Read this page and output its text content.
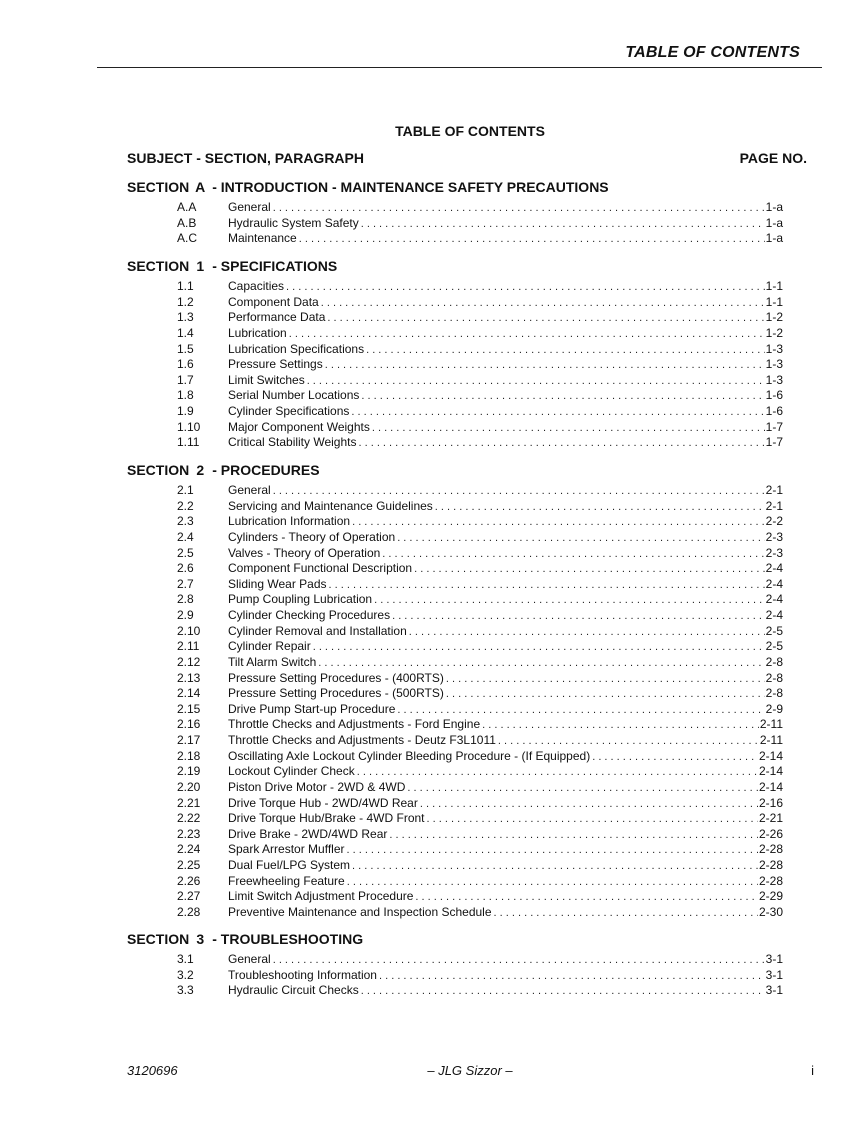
TABLE OF CONTENTS
TABLE OF CONTENTS
SUBJECT - SECTION, PARAGRAPH	PAGE NO.
SECTION A - INTRODUCTION - MAINTENANCE SAFETY PRECAUTIONS
A.A	General . . .	1-a
A.B	Hydraulic System Safety . . .	1-a
A.C	Maintenance . . .	1-a
SECTION 1 - SPECIFICATIONS
1.1	Capacities . . .	1-1
1.2	Component Data . . .	1-1
1.3	Performance Data . . .	1-2
1.4	Lubrication . . .	1-2
1.5	Lubrication Specifications . . .	1-3
1.6	Pressure Settings . . .	1-3
1.7	Limit Switches . . .	1-3
1.8	Serial Number Locations . . .	1-6
1.9	Cylinder Specifications . . .	1-6
1.10	Major Component Weights . . .	1-7
1.11	Critical Stability Weights . . .	1-7
SECTION 2 - PROCEDURES
2.1	General . . .	2-1
2.2	Servicing and Maintenance Guidelines . . .	2-1
2.3	Lubrication Information . . .	2-2
2.4	Cylinders - Theory of Operation . . .	2-3
2.5	Valves - Theory of Operation . . .	2-3
2.6	Component Functional Description . . .	2-4
2.7	Sliding Wear Pads . . .	2-4
2.8	Pump Coupling Lubrication . . .	2-4
2.9	Cylinder Checking Procedures . . .	2-4
2.10	Cylinder Removal and Installation . . .	2-5
2.11	Cylinder Repair . . .	2-5
2.12	Tilt Alarm Switch . . .	2-8
2.13	Pressure Setting Procedures - (400RTS) . . .	2-8
2.14	Pressure Setting Procedures - (500RTS) . . .	2-8
2.15	Drive Pump Start-up Procedure . . .	2-9
2.16	Throttle Checks and Adjustments - Ford Engine . . .	2-11
2.17	Throttle Checks and Adjustments - Deutz F3L1011 . . .	2-11
2.18	Oscillating Axle Lockout Cylinder Bleeding Procedure - (If Equipped) . . .	2-14
2.19	Lockout Cylinder Check . . .	2-14
2.20	Piston Drive Motor - 2WD & 4WD . . .	2-14
2.21	Drive Torque Hub - 2WD/4WD Rear . . .	2-16
2.22	Drive Torque Hub/Brake - 4WD Front . . .	2-21
2.23	Drive Brake - 2WD/4WD Rear . . .	2-26
2.24	Spark Arrestor Muffler . . .	2-28
2.25	Dual Fuel/LPG System . . .	2-28
2.26	Freewheeling Feature . . .	2-28
2.27	Limit Switch Adjustment Procedure . . .	2-29
2.28	Preventive Maintenance and Inspection Schedule . . .	2-30
SECTION 3 - TROUBLESHOOTING
3.1	General . . .	3-1
3.2	Troubleshooting Information . . .	3-1
3.3	Hydraulic Circuit Checks . . .	3-1
3120696	– JLG Sizzor –	i
